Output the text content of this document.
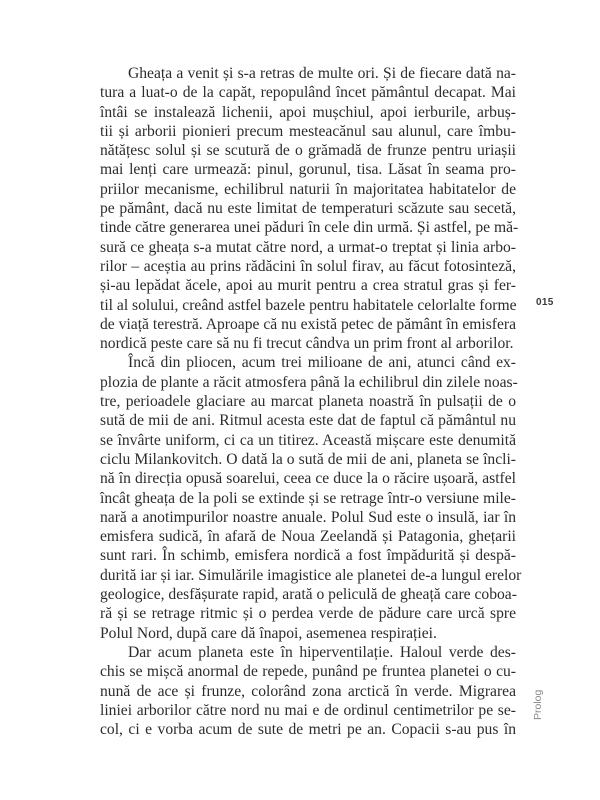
Gheața a venit și s-a retras de multe ori. Și de fiecare dată na-
tura a luat-o de la capăt, repopulând încet pământul decapat. Mai
întâi se instalează lichenii, apoi mușchiul, apoi ierburile, arbuș-
tii și arborii pionieri precum mesteacănul sau alunul, care îmbu-
nătățesc solul și se scutură de o grămadă de frunze pentru uriașii
mai lenți care urmează: pinul, gorunul, tisa. Lăsat în seama pro-
priilor mecanisme, echilibrul naturii în majoritatea habitatelor de
pe pământ, dacă nu este limitat de temperaturi scăzute sau secetă,
tinde către generarea unei păduri în cele din urmă. Și astfel, pe mă-
sură ce gheața s-a mutat către nord, a urmat-o treptat și linia arbo-
rilor – aceștia au prins rădăcini în solul firav, au făcut fotosinteză,
și-au lepădat ăcele, apoi au murit pentru a crea stratul gras și fer-
til al solului, creând astfel bazele pentru habitatele celorlalte forme
de viață terestră. Aproape că nu există petec de pământ în emisfera
nordică peste care să nu fi trecut cândva un prim front al arborilor.
Încă din pliocen, acum trei milioane de ani, atunci când ex-
plozia de plante a răcit atmosfera până la echilibrul din zilele noas-
tre, perioadele glaciare au marcat planeta noastră în pulsații de o
sută de mii de ani. Ritmul acesta este dat de faptul că pământul nu
se învârte uniform, ci ca un titirez. Această mișcare este denumită
ciclu Milankovitch. O dată la o sută de mii de ani, planeta se încli-
nă în direcția opusă soarelui, ceea ce duce la o răcire ușoară, astfel
încât gheața de la poli se extinde și se retrage într-o versiune mile-
nară a anotimpurilor noastre anuale. Polul Sud este o insulă, iar în
emisfera sudică, în afară de Noua Zeelandă și Patagonia, ghețarii
sunt rari. În schimb, emisfera nordică a fost împădurită și despă-
durită iar și iar. Simulările imagistice ale planetei de-a lungul erelor
geologice, desfășurate rapid, arată o peliculă de gheață care coboa-
ră și se retrage ritmic și o perdea verde de pădure care urcă spre
Polul Nord, după care dă înapoi, asemenea respirației.
Dar acum planeta este în hiperventilație. Haloul verde des-
chis se mișcă anormal de repede, punând pe fruntea planetei o cu-
nună de ace și frunze, colorând zona arctică în verde. Migrarea
liniei arborilor către nord nu mai e de ordinul centimetrilor pe se-
col, ci e vorba acum de sute de metri pe an. Copacii s-au pus în
015
Prolog
